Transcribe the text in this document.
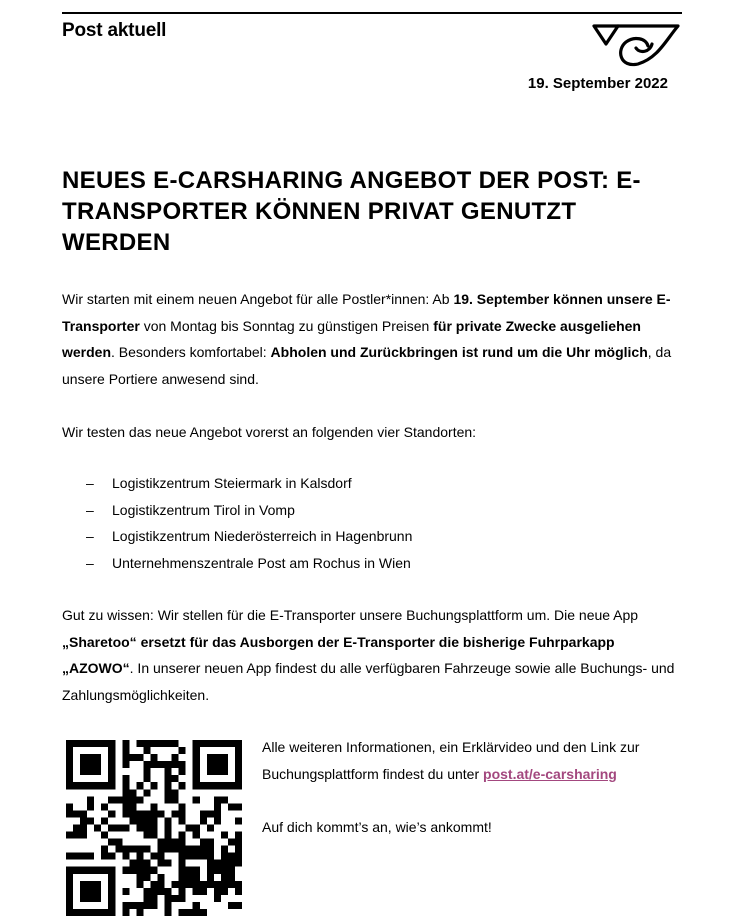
Post aktuell
19. September 2022
NEUES E-CARSHARING ANGEBOT DER POST: E-TRANSPORTER KÖNNEN PRIVAT GENUTZT WERDEN

Wir starten mit einem neuen Angebot für alle Postler*innen: Ab 19. September können unsere E-Transporter von Montag bis Sonntag zu günstigen Preisen für private Zwecke ausgeliehen werden. Besonders komfortabel: Abholen und Zurückbringen ist rund um die Uhr möglich, da unsere Portiere anwesend sind.

Wir testen das neue Angebot vorerst an folgenden vier Standorten:

– Logistikzentrum Steiermark in Kalsdorf
– Logistikzentrum Tirol in Vomp
– Logistikzentrum Niederösterreich in Hagenbrunn
– Unternehmenszentrale Post am Rochus in Wien

Gut zu wissen: Wir stellen für die E-Transporter unsere Buchungsplattform um. Die neue App „Sharetoo“ ersetzt für das Ausborgen der E-Transporter die bisherige Fuhrparkapp „AZOWO“. In unserer neuen App findest du alle verfügbaren Fahrzeuge sowie alle Buchungs- und Zahlungsmöglichkeiten.

Alle weiteren Informationen, ein Erklärvideo und den Link zur Buchungsplattform findest du unter post.at/e-carsharing

Auf dich kommt’s an, wie’s ankommt!
